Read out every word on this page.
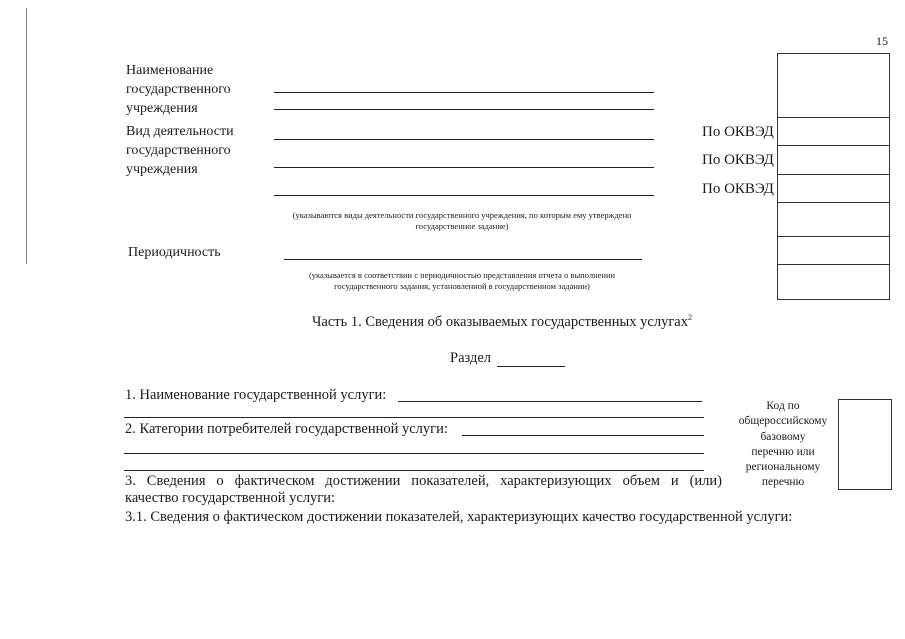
15
Наименование
государственного
учреждения
Вид деятельности
государственного
учреждения
По ОКВЭД
По ОКВЭД
По ОКВЭД
(указываются виды деятельности государственного учреждения, по которым ему утверждено
государственное задание)
Периодичность
(указывается в соответствии с периодичностью представления отчета о выполнении
государственного задания, установленной в государственном задании)
Часть 1. Сведения об оказываемых государственных услугах$^2$
Раздел
1. Наименование государственной услуги:
2. Категории потребителей государственной услуги:
3. Сведения о фактическом достижении показателей, характеризующих объем и (или)
качество государственной услуги:
3.1. Сведения о фактическом достижении показателей, характеризующих качество государственной услуги:
Код по
общероссийскому
базовому
перечню или
региональному
перечню
